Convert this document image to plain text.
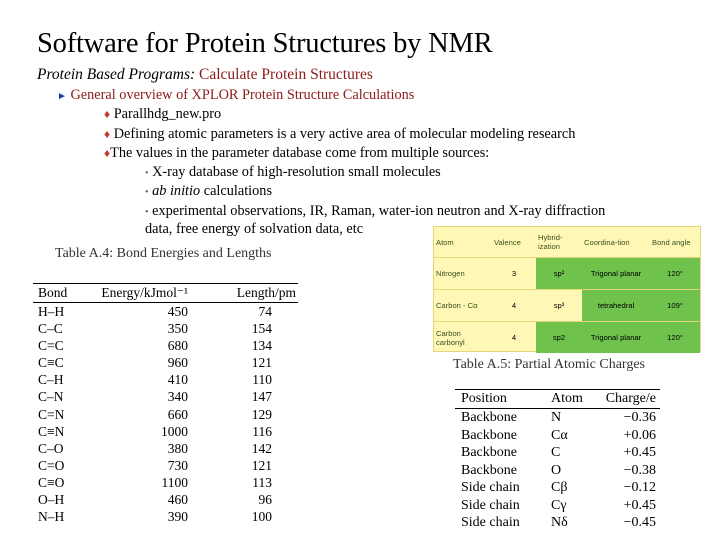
Software for Protein Structures by NMR
Protein Based Programs: Calculate Protein Structures
► General overview of XPLOR Protein Structure Calculations
♦ Parallhdg_new.pro
♦ Defining atomic parameters is a very active area of molecular modeling research
♦The values in the parameter database come from multiple sources:
• X-ray database of high-resolution small molecules
• ab initio calculations
• experimental observations, IR, Raman, water-ion neutron and X-ray diffraction
data, free energy of solvation data, etc
Table A.4: Bond Energies and Lengths
Bond	Energy/kJmol⁻¹	Length/pm
H–H	450	74
C–C	350	154
C=C	680	134
C≡C	960	121
C–H	410	110
C–N	340	147
C=N	660	129
C≡N	1000	116
C–O	380	142
C=O	730	121
C≡O	1100	113
O–H	460	96
N–H	390	100
Atom	Valence	Hybrid-ization	Coordina-tion	Bond angle
Nitrogen	3	sp²	Trigonal planar	120°
Carbon - Cα	4	sp³	tetrahedral	109°
Carbon carbonyl	4	sp2	Trigonal planar	120°
Table A.5: Partial Atomic Charges
Position	Atom	Charge/e
Backbone	N	−0.36
Backbone	Cα	+0.06
Backbone	C	+0.45
Backbone	O	−0.38
Side chain	Cβ	−0.12
Side chain	Cγ	+0.45
Side chain	Nδ	−0.45
